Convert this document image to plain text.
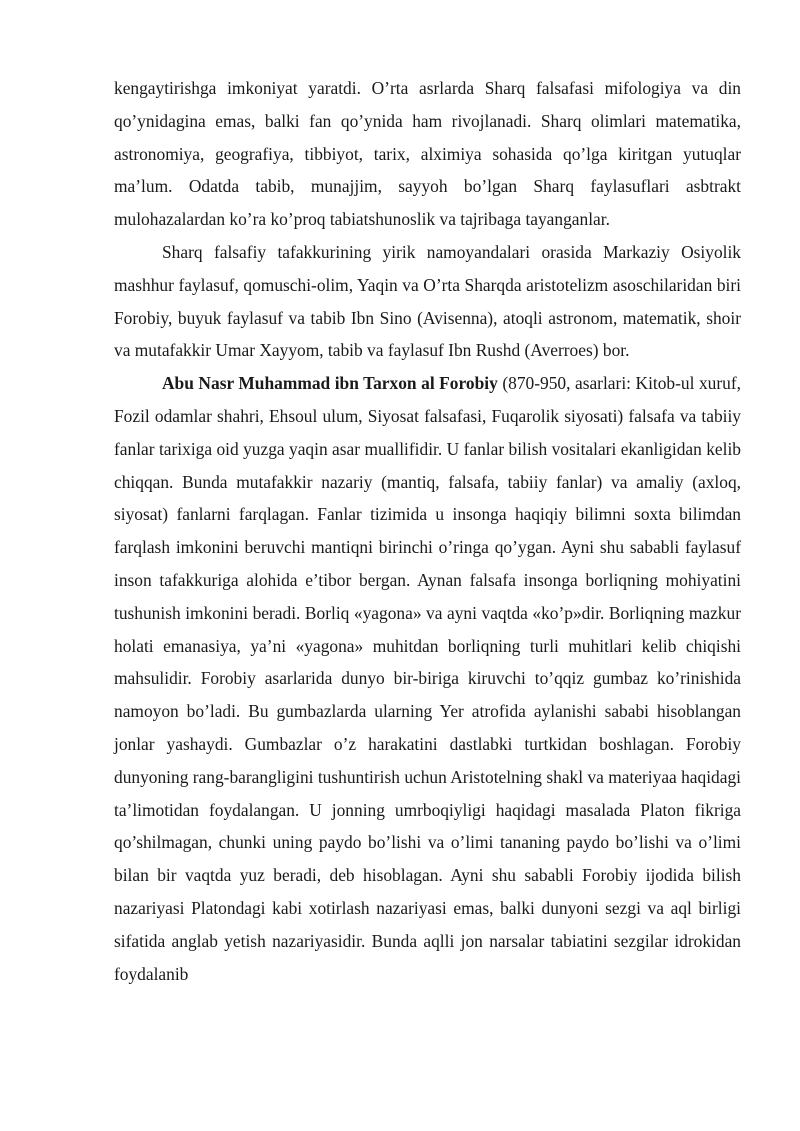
kengaytirishga imkoniyat yaratdi. O’rta asrlarda Sharq falsafasi mifologiya va din qo’ynidagina emas, balki fan qo’ynida ham rivojlanadi. Sharq olimlari matematika, astronomiya, geografiya, tibbiyot, tarix, alximiya sohasida qo’lga kiritgan yutuqlar ma’lum. Odatda tabib, munajjim, sayyoh bo’lgan Sharq faylasuflari asbtrakt mulohazalardan ko’ra ko’proq tabiatshunoslik va tajribaga tayanganlar.

Sharq falsafiy tafakkurining yirik namoyandalari orasida Markaziy Osiyolik mashhur faylasuf, qomuschi-olim, Yaqin va O’rta Sharqda aristotelizm asoschilaridan biri Forobiy, buyuk faylasuf va tabib Ibn Sino (Avisenna), atoqli astronom, matematik, shoir va mutafakkir Umar Xayyom, tabib va faylasuf Ibn Rushd (Averroes) bor.

Abu Nasr Muhammad ibn Tarxon al Forobiy (870-950, asarlari: Kitob-ul xuruf, Fozil odamlar shahri, Ehsoul ulum, Siyosat falsafasi, Fuqarolik siyosati) falsafa va tabiiy fanlar tarixiga oid yuzga yaqin asar muallifidir. U fanlar bilish vositalari ekanligidan kelib chiqqan. Bunda mutafakkir nazariy (mantiq, falsafa, tabiiy fanlar) va amaliy (axloq, siyosat) fanlarni farqlagan. Fanlar tizimida u insonga haqiqiy bilimni soxta bilimdan farqlash imkonini beruvchi mantiqni birinchi o’ringa qo’ygan. Ayni shu sababli faylasuf inson tafakkuriga alohida e’tibor bergan. Aynan falsafa insonga borliqning mohiyatini tushunish imkonini beradi. Borliq «yagona» va ayni vaqtda «ko’p»dir. Borliqning mazkur holati emanasiya, ya’ni «yagona» muhitdan borliqning turli muhitlari kelib chiqishi mahsulidir. Forobiy asarlarida dunyo bir-biriga kiruvchi to’qqiz gumbaz ko’rinishida namoyon bo’ladi. Bu gumbazlarda ularning Yer atrofida aylanishi sababi hisoblangan jonlar yashaydi. Gumbazlar o’z harakatini dastlabki turtkidan boshlagan. Forobiy dunyoning rang-barangligini tushuntirish uchun Aristotelning shakl va materiyaa haqidagi ta’limotidan foydalangan. U jonning umrboqiyligi haqidagi masalada Platon fikriga qo’shilmagan, chunki uning paydo bo’lishi va o’limi tananing paydo bo’lishi va o’limi bilan bir vaqtda yuz beradi, deb hisoblagan. Ayni shu sababli Forobiy ijodida bilish nazariyasi Platondagi kabi xotirlash nazariyasi emas, balki dunyoni sezgi va aql birligi sifatida anglab yetish nazariyasidir. Bunda aqlli jon narsalar tabiatini sezgilar idrokidan foydalanib
